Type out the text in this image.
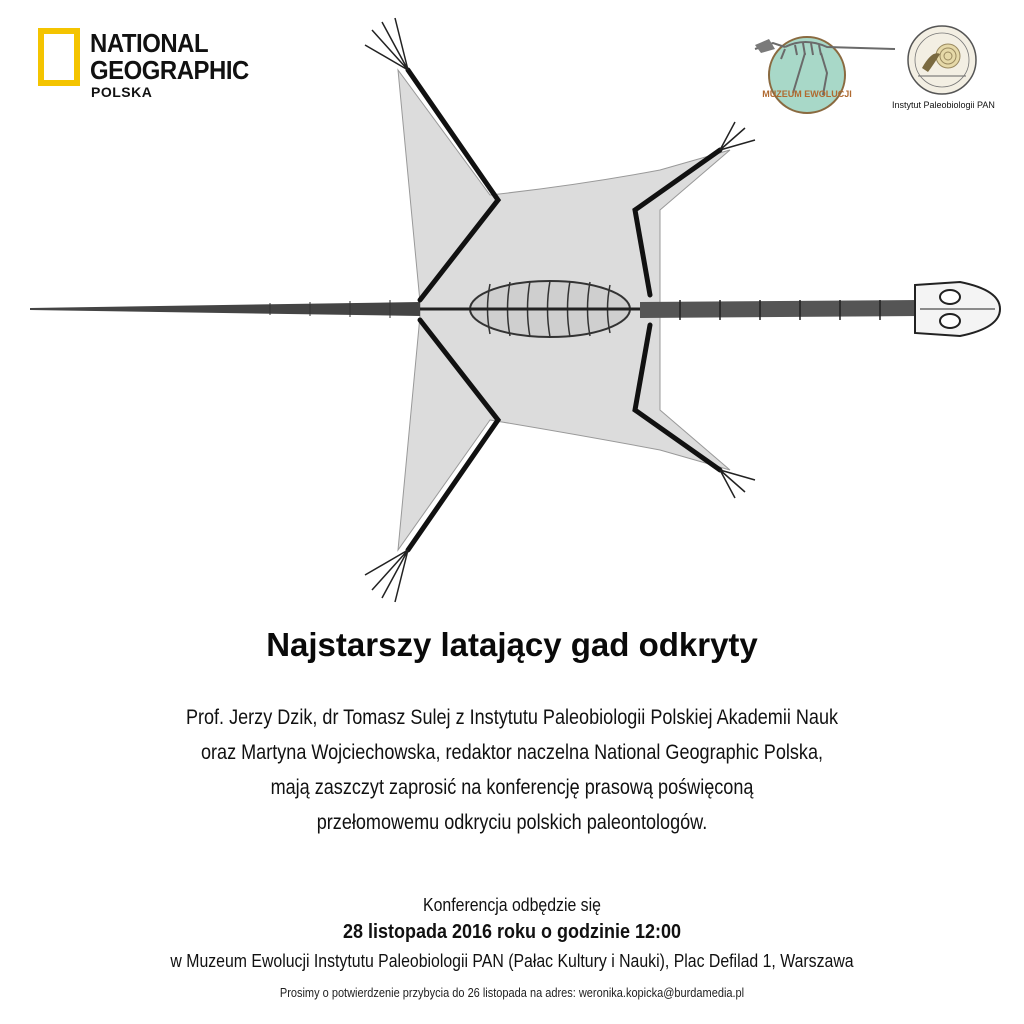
NATIONAL
GEOGRAPHIC
POLSKA	MUZEUM EWOLUCJI
Instytut Paleobiologii PAN
Najstarszy latający gad odkryty
Prof. Jerzy Dzik, dr Tomasz Sulej z Instytutu Paleobiologii Polskiej Akademii Nauk
oraz Martyna Wojciechowska, redaktor naczelna National Geographic Polska,
mają zaszczyt zaprosić na konferencję prasową poświęconą
przełomowemu odkryciu polskich paleontologów.
Konferencja odbędzie się
28 listopada 2016 roku o godzinie 12:00
w Muzeum Ewolucji Instytutu Paleobiologii PAN (Pałac Kultury i Nauki), Plac Defilad 1, Warszawa
Prosimy o potwierdzenie przybycia do 26 listopada na adres: weronika.kopicka@burdamedia.pl
